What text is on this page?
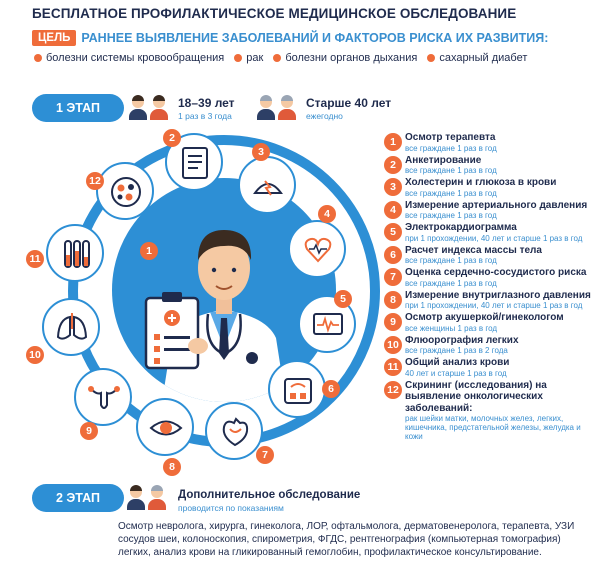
БЕСПЛАТНОЕ ПРОФИЛАКТИЧЕСКОЕ МЕДИЦИНСКОЕ ОБСЛЕДОВАНИЕ
ЦЕЛЬ РАННЕЕ ВЫЯВЛЕНИЕ ЗАБОЛЕВАНИЙ И ФАКТОРОВ РИСКА ИХ РАЗВИТИЯ:
болезни системы кровообращения рак болезни органов дыхания сахарный диабет
1 ЭТАП	18–39 лет
1 раз в 3 года
Старше 40 лет
ежегодно
1
2
3
4
5
6
7
8
9
10
11
12
1 Осмотр терапевта
все граждане 1 раз в год
2 Анкетирование
все граждане 1 раз в год
3 Холестерин и глюкоза в крови
все граждане 1 раз в год
4 Измерение артериального давления
все граждане 1 раз в год
5 Электрокардиограмма
при 1 прохождении, 40 лет и старше 1 раз в год
6 Расчет индекса массы тела
все граждане 1 раз в год
7 Оценка сердечно-сосудистого риска
все граждане 1 раз в год
8 Измерение внутриглазного давления
при 1 прохождении, 40 лет и старше 1 раз в год
9 Осмотр акушеркой/гинекологом
все женщины 1 раз в год
10 Флюорография легких
все граждане 1 раз в 2 года
11 Общий анализ крови
40 лет и старше 1 раз в год
12 Скрининг (исследования) на выявление онкологических заболеваний:
рак шейки матки, молочных желез, легких, кишечника, предстательной железы, желудка и кожи
2 ЭТАП	Дополнительное обследование
проводится по показаниям
Осмотр невролога, хирурга, гинеколога, ЛОР, офтальмолога, дерматовенеролога, терапевта, УЗИ сосудов шеи, колоноскопия, спирометрия, ФГДС, рентгенография (компьютерная томография) легких, анализ крови на гликированный гемоглобин, профилактическое консультирование.
